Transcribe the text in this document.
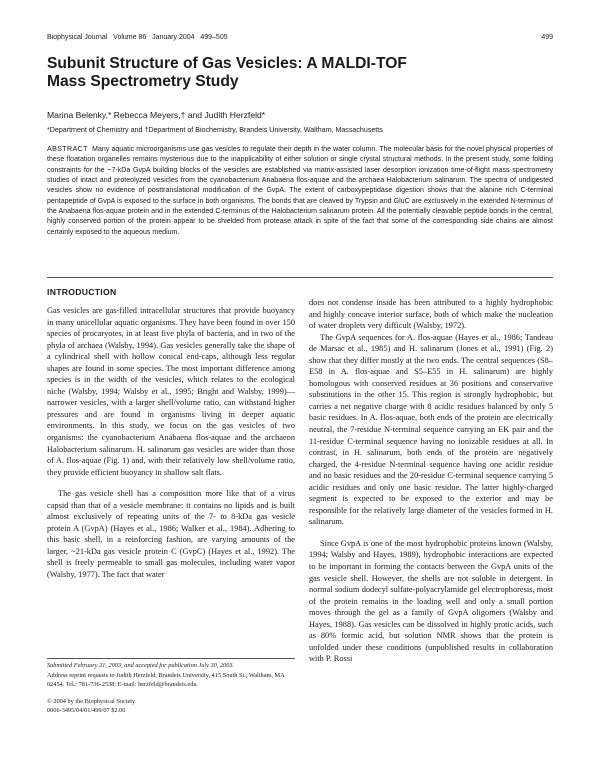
Biophysical Journal Volume 86 January 2004 499–505	499
Subunit Structure of Gas Vesicles: A MALDI-TOF Mass Spectrometry Study
Marina Belenky,* Rebecca Meyers,† and Judith Herzfeld*
*Department of Chemistry and †Department of Biochemistry, Brandeis University, Waltham, Massachusetts
ABSTRACT Many aquatic microorganisms use gas vesicles to regulate their depth in the water column. The molecular basis for the novel physical properties of these floatation organelles remains mysterious due to the inapplicability of either solution or single crystal structural methods. In the present study, some folding constraints for the ~7-kDa GvpA building blocks of the vesicles are established via matrix-assisted laser desorption ionization time-of-flight mass spectrometry studies of intact and proteolyzed vesicles from the cyanobacterium Anabaena flos-aquae and the archaea Halobacterium salinarum. The spectra of undigested vesicles show no evidence of posttranslational modification of the GvpA. The extent of carboxypeptidase digestion shows that the alanine rich C-terminal pentapeptide of GvpA is exposed to the surface in both organisms. The bonds that are cleaved by Trypsin and GluC are exclusively in the extended N-terminus of the Anabaena flos-aquae protein and in the extended C-terminus of the Halobacterium salinarum protein. All the potentially cleavable peptide bonds in the central, highly conserved portion of the protein appear to be shielded from protease attack in spite of the fact that some of the corresponding side chains are almost certainly exposed to the aqueous medium.
INTRODUCTION

Gas vesicles are gas-filled intracellular structures that provide buoyancy in many unicellular aquatic organisms. They have been found in over 150 species of procaryotes, in at least five phyla of bacteria, and in two of the phyla of archaea (Walsby, 1994). Gas vesicles generally take the shape of a cylindrical shell with hollow conical end-caps, although less regular shapes are found in some species. The most important difference among species is in the width of the vesicles, which relates to the ecological niche (Walsby, 1994; Walsby et al., 1995; Bright and Walsby, 1999)—narrower vesicles, with a larger shell/volume ratio, can withstand higher pressures and are found in organisms living in deeper aquatic environments. In this study, we focus on the gas vesicles of two organisms: the cyanobacterium Anabaena flos-aquae and the archaeon Halobacterium salinarum. H. salinarum gas vesicles are wider than those of A. flos-aquae (Fig. 1) and, with their relatively low shell/volume ratio, they provide efficient buoyancy in shallow salt flats.

The gas vesicle shell has a composition more like that of a virus capsid than that of a vesicle membrane: it contains no lipids and is built almost exclusively of repeating units of the 7- to 8-kDa gas vesicle protein A (GvpA) (Hayes et al., 1986; Walker et al., 1984). Adhering to this basic shell, in a reinforcing fashion, are varying amounts of the larger, ~21-kDa gas vesicle protein C (GvpC) (Hayes et al., 1992). The shell is freely permeable to small gas molecules, including water vapor (Walsby, 1977). The fact that water

does not condense inside has been attributed to a highly hydrophobic and highly concave interior surface, both of which make the nucleation of water droplets very difficult (Walsby, 1972).

The GvpA sequences for A. flos-aquae (Hayes et al., 1986; Tandeau de Marsac et al., 1985) and H. salinarum (Jones et al., 1991) (Fig. 2) show that they differ mostly at the two ends. The central sequences (S8–E58 in A. flos-aquae and S5–E55 in H. salinarum) are highly homologous with conserved residues at 36 positions and conservative substitutions in the other 15. This region is strongly hydrophobic, but carries a net negative charge with 8 acidic residues balanced by only 5 basic residues. In A. flos-aquae, both ends of the protein are electrically neutral, the 7-residue N-terminal sequence carrying an EK pair and the 11-residue C-terminal sequence having no ionizable residues at all. In contrast, in H. salinarum, both ends of the protein are negatively charged, the 4-residue N-terminal sequence having one acidic residue and no basic residues and the 20-residue C-terminal sequence carrying 5 acidic residues and only one basic residue. The latter highly-charged segment is expected to be exposed to the exterior and may be responsible for the relatively large diameter of the vesicles formed in H. salinarum.

Since GvpA is one of the most hydrophobic proteins known (Walsby, 1994; Walsby and Hayes, 1989), hydrophobic interactions are expected to be important in forming the contacts between the GvpA units of the gas vesicle shell. However, the shells are not soluble in detergent. In normal sodium dodecyl sulfate-polyacrylamide gel electrophoresis, most of the protein remains in the loading well and only a small portion moves through the gel as a family of GvpA oligomers (Walsby and Hayes, 1988). Gas vesicles can be dissolved in highly protic acids, such as 80% formic acid, but solution NMR shows that the protein is unfolded under these conditions (unpublished results in collaboration with P. Rossi

Submitted February 21, 2003, and accepted for publication July 30, 2003.
Address reprint requests to Judith Herzfeld, Brandeis University, 415 South St., Waltham, MA 02454. Tel.: 781-736-2538; E-mail: herzfeld@brandeis.edu.
© 2004 by the Biophysical Society
0006-3495/04/01/499/07 $2.00
